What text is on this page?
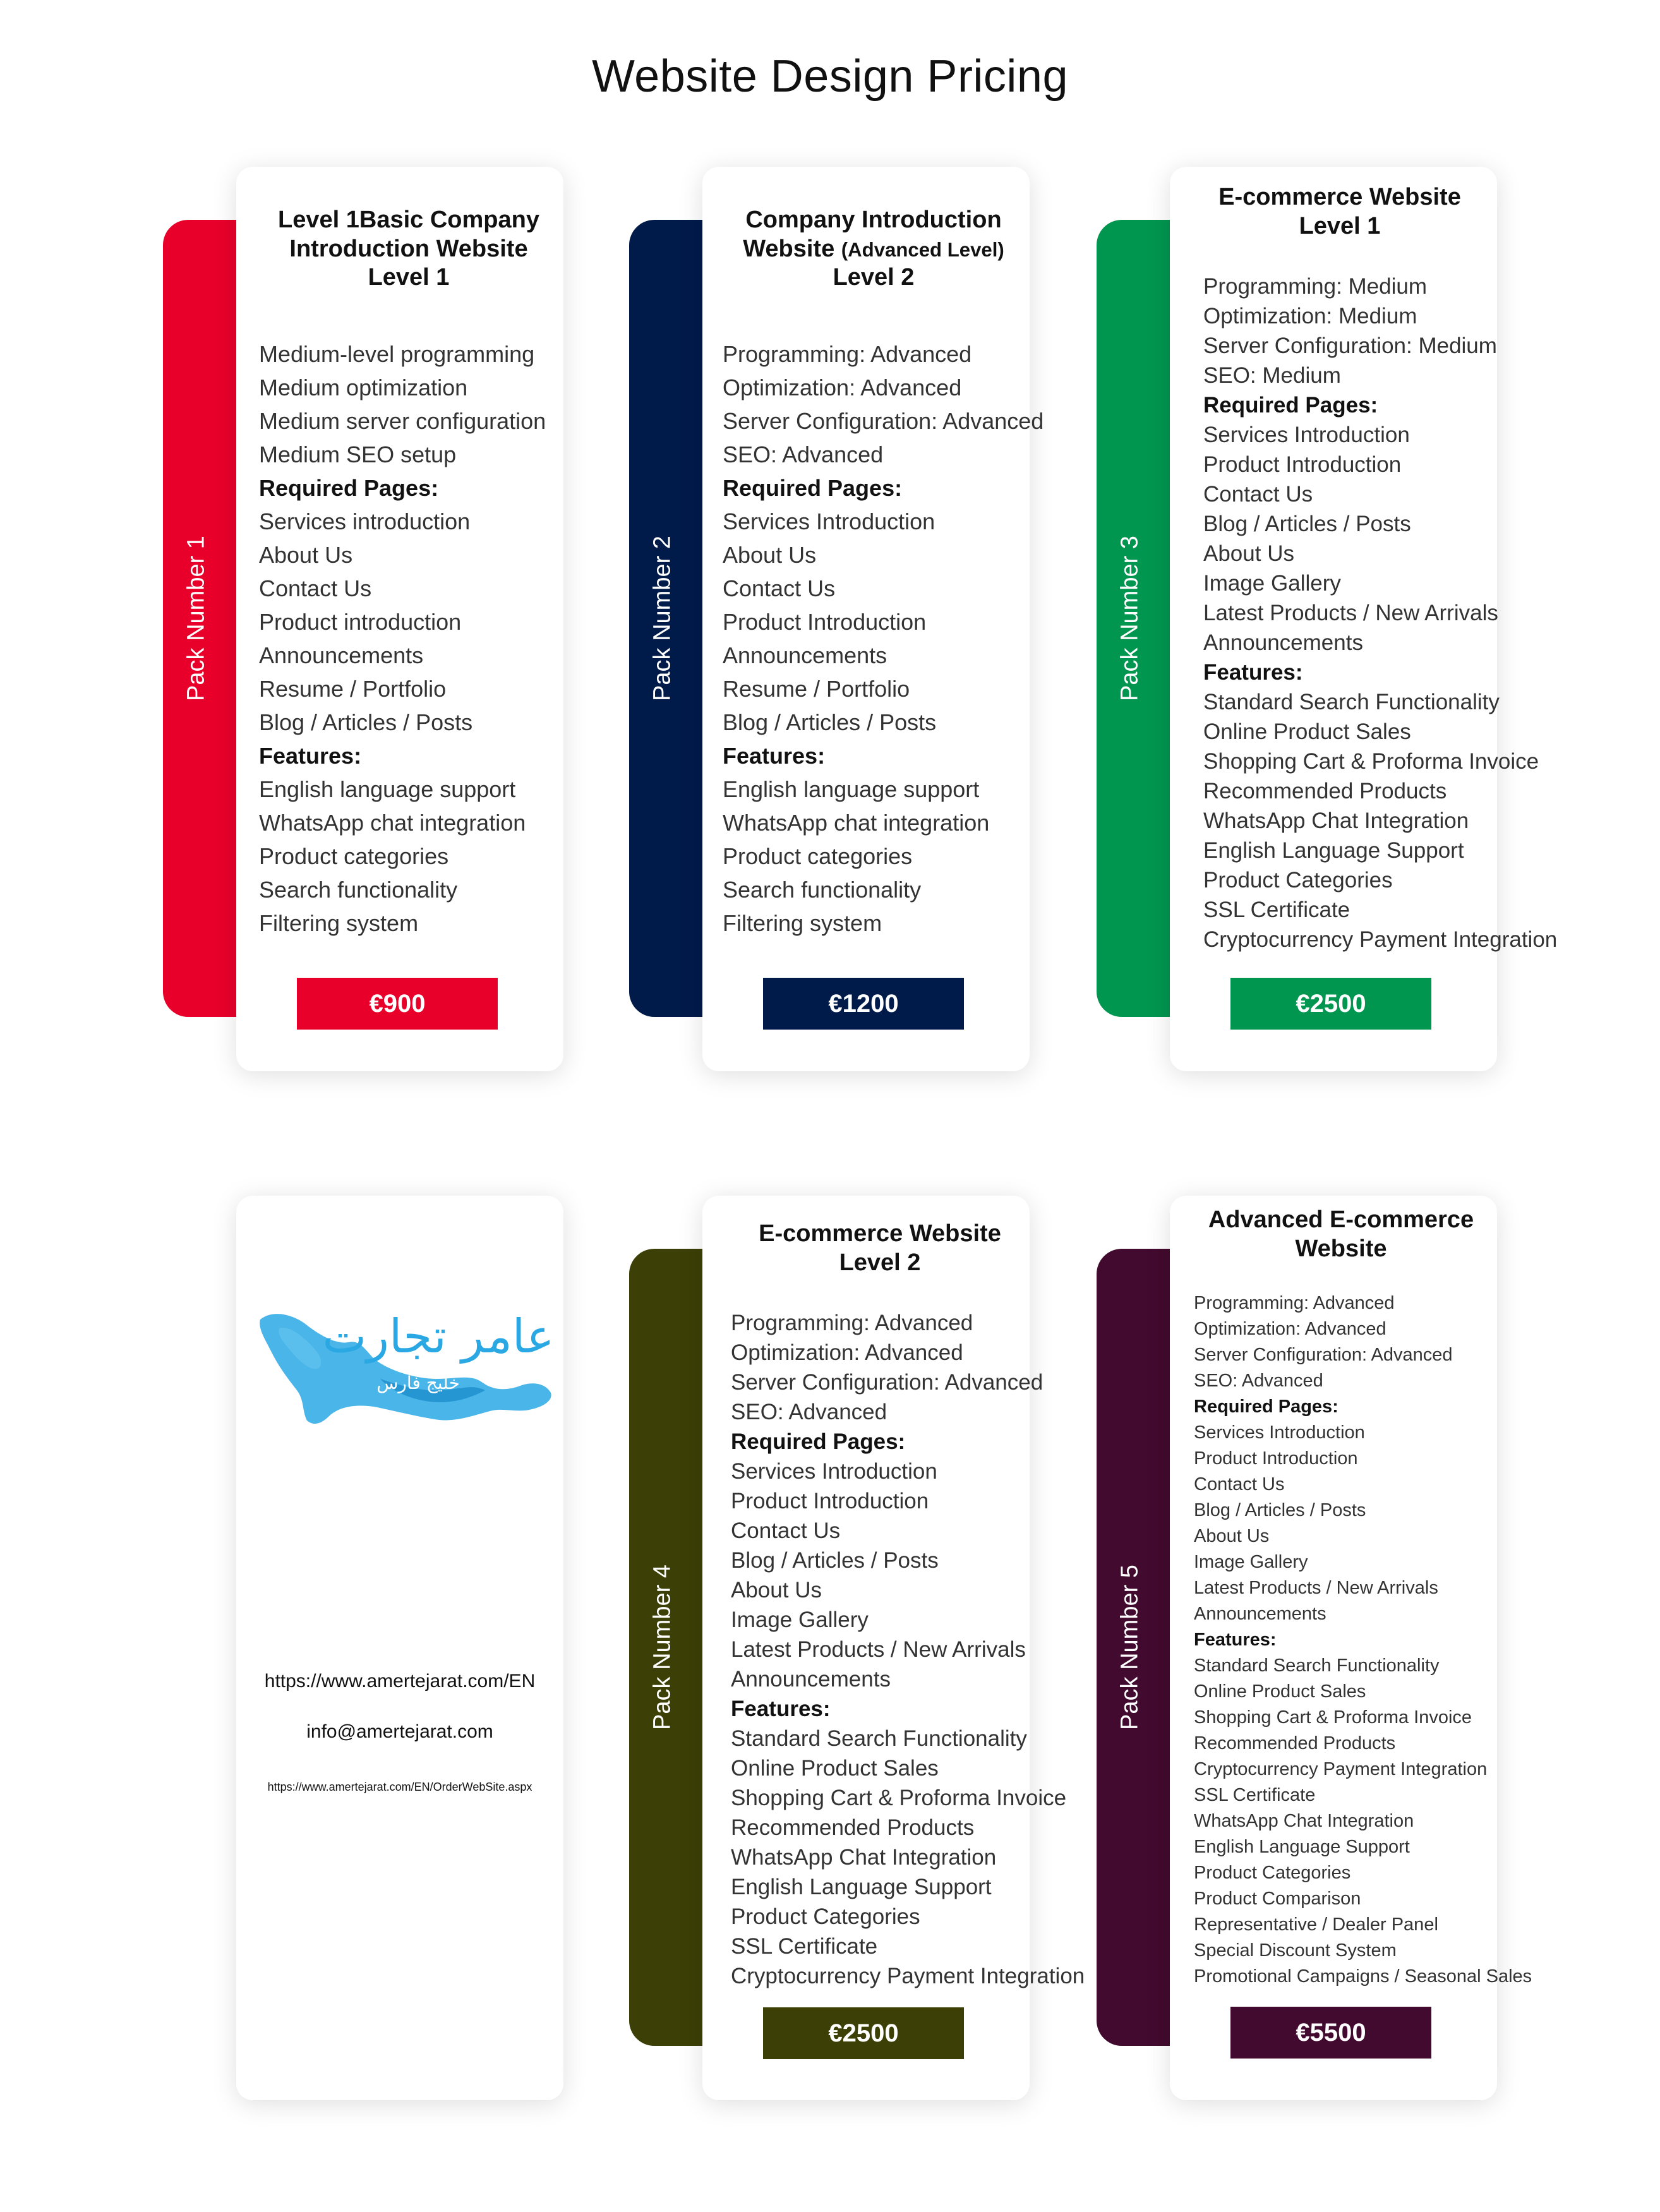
Website Design Pricing
Pack Number 1
Level 1Basic Company
Introduction Website
Level 1
Medium-level programming
Medium optimization
Medium server configuration
Medium SEO setup
Required Pages:
Services introduction
About Us
Contact Us
Product introduction
Announcements
Resume / Portfolio
Blog / Articles / Posts
Features:
English language support
WhatsApp chat integration
Product categories
Search functionality
Filtering system
€900
Pack Number 2
Company Introduction
Website (Advanced Level)
Level 2
Programming: Advanced
Optimization: Advanced
Server Configuration: Advanced
SEO: Advanced
Required Pages:
Services Introduction
About Us
Contact Us
Product Introduction
Announcements
Resume / Portfolio
Blog / Articles / Posts
Features:
English language support
WhatsApp chat integration
Product categories
Search functionality
Filtering system
€1200
Pack Number 3
E-commerce Website
Level 1
Programming: Medium
Optimization: Medium
Server Configuration: Medium
SEO: Medium
Required Pages:
Services Introduction
Product Introduction
Contact Us
Blog / Articles / Posts
About Us
Image Gallery
Latest Products / New Arrivals
Announcements
Features:
Standard Search Functionality
Online Product Sales
Shopping Cart & Proforma Invoice
Recommended Products
WhatsApp Chat Integration
English Language Support
Product Categories
SSL Certificate
Cryptocurrency Payment Integration
€2500
عامر تجارت
خلیج فارس
https://www.amertejarat.com/EN
info@amertejarat.com
https://www.amertejarat.com/EN/OrderWebSite.aspx
Pack Number 4
E-commerce Website
Level 2
Programming: Advanced
Optimization: Advanced
Server Configuration: Advanced
SEO: Advanced
Required Pages:
Services Introduction
Product Introduction
Contact Us
Blog / Articles / Posts
About Us
Image Gallery
Latest Products / New Arrivals
Announcements
Features:
Standard Search Functionality
Online Product Sales
Shopping Cart & Proforma Invoice
Recommended Products
WhatsApp Chat Integration
English Language Support
Product Categories
SSL Certificate
Cryptocurrency Payment Integration
€2500
Pack Number 5
Advanced E-commerce
Website
Programming: Advanced
Optimization: Advanced
Server Configuration: Advanced
SEO: Advanced
Required Pages:
Services Introduction
Product Introduction
Contact Us
Blog / Articles / Posts
About Us
Image Gallery
Latest Products / New Arrivals
Announcements
Features:
Standard Search Functionality
Online Product Sales
Shopping Cart & Proforma Invoice
Recommended Products
Cryptocurrency Payment Integration
SSL Certificate
WhatsApp Chat Integration
English Language Support
Product Categories
Product Comparison
Representative / Dealer Panel
Special Discount System
Promotional Campaigns / Seasonal Sales
€5500
